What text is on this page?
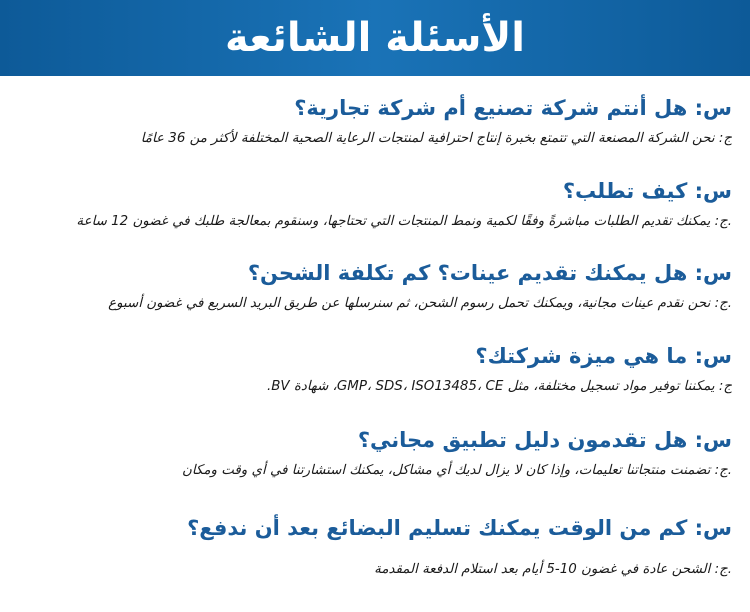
الأسئلة الشائعة

س: هل أنتم شركة تصنيع أم شركة تجارية؟

ج: نحن الشركة المصنعة التي تتمتع بخبرة إنتاج احترافية لمنتجات الرعاية الصحية المختلفة لأكثر من 36 عامًا

س: كيف تطلب؟

.ج: يمكنك تقديم الطلبات مباشرةً وفقًا لكمية ونمط المنتجات التي تحتاجها، وسنقوم بمعالجة طلبك في غضون 12 ساعة

س: هل يمكنك تقديم عينات؟ كم تكلفة الشحن؟

.ج: نحن نقدم عينات مجانية، ويمكنك تحمل رسوم الشحن، ثم سنرسلها عن طريق البريد السريع في غضون أسبوع

س: ما هي ميزة شركتك؟

ج: يمكننا توفير مواد تسجيل مختلفة، مثل GMP، SDS، ISO13485، CE، شهادة BV.

س: هل تقدمون دليل تطبيق مجاني؟

.ج: تضمنت منتجاتنا تعليمات، وإذا كان لا يزال لديك أي مشاكل، يمكنك استشارتنا في أي وقت ومكان

س: كم من الوقت يمكنك تسليم البضائع بعد أن ندفع؟

.ج: الشحن عادة في غضون 10-5 أيام بعد استلام الدفعة المقدمة
